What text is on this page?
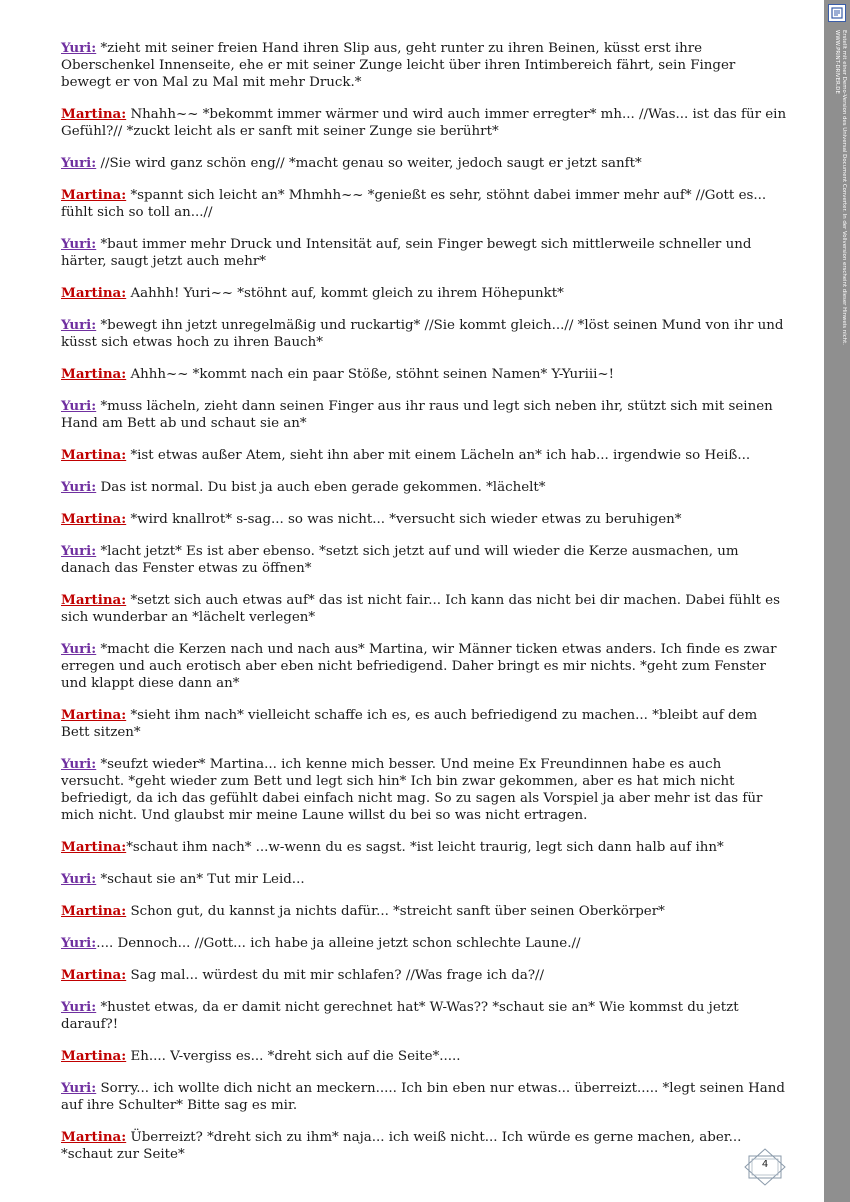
Yuri: *zieht mit seiner freien Hand ihren Slip aus, geht runter zu ihren Beinen, küsst erst ihre Oberschenkel Innenseite, ehe er mit seiner Zunge leicht über ihren Intimbereich fährt, sein Finger bewegt er von Mal zu Mal mit mehr Druck.*

Martina: Nhahh~~ *bekommt immer wärmer und wird auch immer erregter* mh... //Was... ist das für ein Gefühl?// *zuckt leicht als er sanft mit seiner Zunge sie berührt*

Yuri: //Sie wird ganz schön eng// *macht genau so weiter, jedoch saugt er jetzt sanft*

Martina: *spannt sich leicht an* Mhmhh~~ *genießt es sehr, stöhnt dabei immer mehr auf* //Gott es... fühlt sich so toll an...//

Yuri: *baut immer mehr Druck und Intensität auf, sein Finger bewegt sich mittlerweile schneller und härter, saugt jetzt auch mehr*

Martina: Aahhh! Yuri~~ *stöhnt auf, kommt gleich zu ihrem Höhepunkt*

Yuri: *bewegt ihn jetzt unregelmäßig und ruckartig* //Sie kommt gleich...// *löst seinen Mund von ihr und küsst sich etwas hoch zu ihren Bauch*

Martina: Ahhh~~ *kommt nach ein paar Stöße, stöhnt seinen Namen* Y-Yuriii~!

Yuri: *muss lächeln, zieht dann seinen Finger aus ihr raus und legt sich neben ihr, stützt sich mit seinen Hand am Bett ab und schaut sie an*

Martina: *ist etwas außer Atem, sieht ihn aber mit einem Lächeln an* ich hab... irgendwie so Heiß...

Yuri: Das ist normal. Du bist ja auch eben gerade gekommen. *lächelt*

Martina: *wird knallrot* s-sag... so was nicht... *versucht sich wieder etwas zu beruhigen*

Yuri: *lacht jetzt* Es ist aber ebenso. *setzt sich jetzt auf und will wieder die Kerze ausmachen, um danach das Fenster etwas zu öffnen*

Martina: *setzt sich auch etwas auf* das ist nicht fair... Ich kann das nicht bei dir machen. Dabei fühlt es sich wunderbar an *lächelt verlegen*

Yuri: *macht die Kerzen nach und nach aus* Martina, wir Männer ticken etwas anders. Ich finde es zwar erregen und auch erotisch aber eben nicht befriedigend. Daher bringt es mir nichts. *geht zum Fenster und klappt diese dann an*

Martina: *sieht ihm nach* vielleicht schaffe ich es, es auch befriedigend zu machen... *bleibt auf dem Bett sitzen*

Yuri: *seufzt wieder* Martina... ich kenne mich besser. Und meine Ex Freundinnen habe es auch versucht. *geht wieder zum Bett und legt sich hin* Ich bin zwar gekommen, aber es hat mich nicht befriedigt, da ich das gefühlt dabei einfach nicht mag. So zu sagen als Vorspiel ja aber mehr ist das für mich nicht. Und glaubst mir meine Laune willst du bei so was nicht ertragen.

Martina:*schaut ihm nach* ...w-wenn du es sagst. *ist leicht traurig, legt sich dann halb auf ihn*

Yuri: *schaut sie an* Tut mir Leid...

Martina: Schon gut, du kannst ja nichts dafür... *streicht sanft über seinen Oberkörper*

Yuri:.... Dennoch... //Gott... ich habe ja alleine jetzt schon schlechte Laune.//

Martina: Sag mal... würdest du mit mir schlafen? //Was frage ich da?//

Yuri: *hustet etwas, da er damit nicht gerechnet hat* W-Was?? *schaut sie an* Wie kommst du jetzt darauf?!

Martina: Eh.... V-vergiss es... *dreht sich auf die Seite*.....

Yuri: Sorry... ich wollte dich nicht an meckern..... Ich bin eben nur etwas... überreizt..... *legt seinen Hand auf ihre Schulter* Bitte sag es mir.

Martina: Überreizt? *dreht sich zu ihm* naja... ich weiß nicht... Ich würde es gerne machen, aber... *schaut zur Seite*

Erstellt mit einer Demo-Version des Universal Document Converter. In der Vollversion erscheint dieser Hinweis nicht.
WWW.PRINT-DRIVER.DE
4
